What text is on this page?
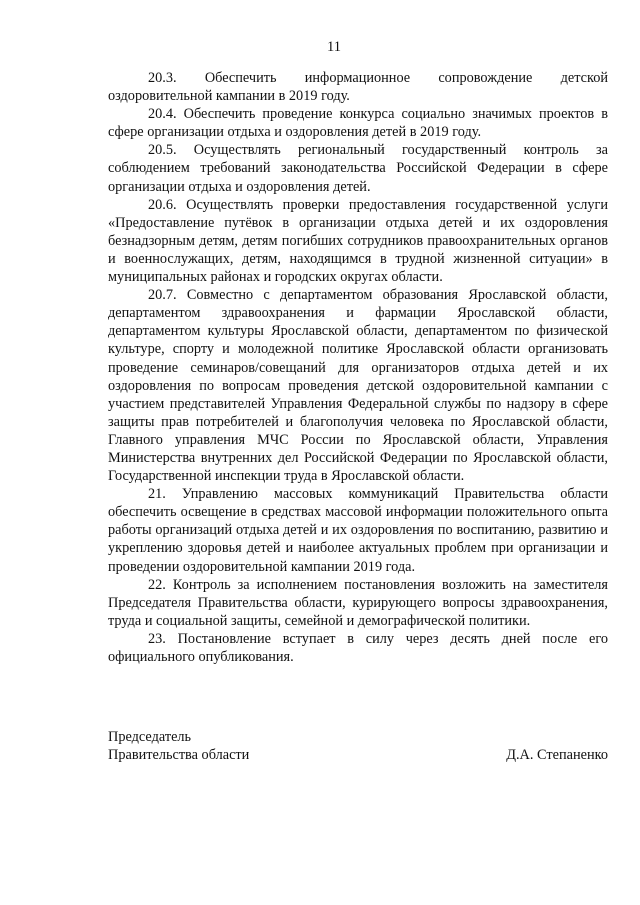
11

20.3. Обеспечить информационное сопровождение детской оздоровительной кампании в 2019 году.

20.4. Обеспечить проведение конкурса социально значимых проектов в сфере организации отдыха и оздоровления детей в 2019 году.

20.5. Осуществлять региональный государственный контроль за соблюдением требований законодательства Российской Федерации в сфере организации отдыха и оздоровления детей.

20.6. Осуществлять проверки предоставления государственной услуги «Предоставление путёвок в организации отдыха детей и их оздоровления безнадзорным детям, детям погибших сотрудников правоохранительных органов и военнослужащих, детям, находящимся в трудной жизненной ситуации» в муниципальных районах и городских округах области.

20.7. Совместно с департаментом образования Ярославской области, департаментом здравоохранения и фармации Ярославской области, департаментом культуры Ярославской области, департаментом по физической культуре, спорту и молодежной политике Ярославской области организовать проведение семинаров/совещаний для организаторов отдыха детей и их оздоровления по вопросам проведения детской оздоровительной кампании с участием представителей Управления Федеральной службы по надзору в сфере защиты прав потребителей и благополучия человека по Ярославской области, Главного управления МЧС России по Ярославской области, Управления Министерства внутренних дел Российской Федерации по Ярославской области, Государственной инспекции труда в Ярославской области.

21. Управлению массовых коммуникаций Правительства области обеспечить освещение в средствах массовой информации положительного опыта работы организаций отдыха детей и их оздоровления по воспитанию, развитию и укреплению здоровья детей и наиболее актуальных проблем при организации и проведении оздоровительной кампании 2019 года.

22. Контроль за исполнением постановления возложить на заместителя Председателя Правительства области, курирующего вопросы здравоохранения, труда и социальной защиты, семейной и демографической политики.

23. Постановление вступает в силу через десять дней после его официального опубликования.

Председатель
Правительства области	Д.А. Степаненко
